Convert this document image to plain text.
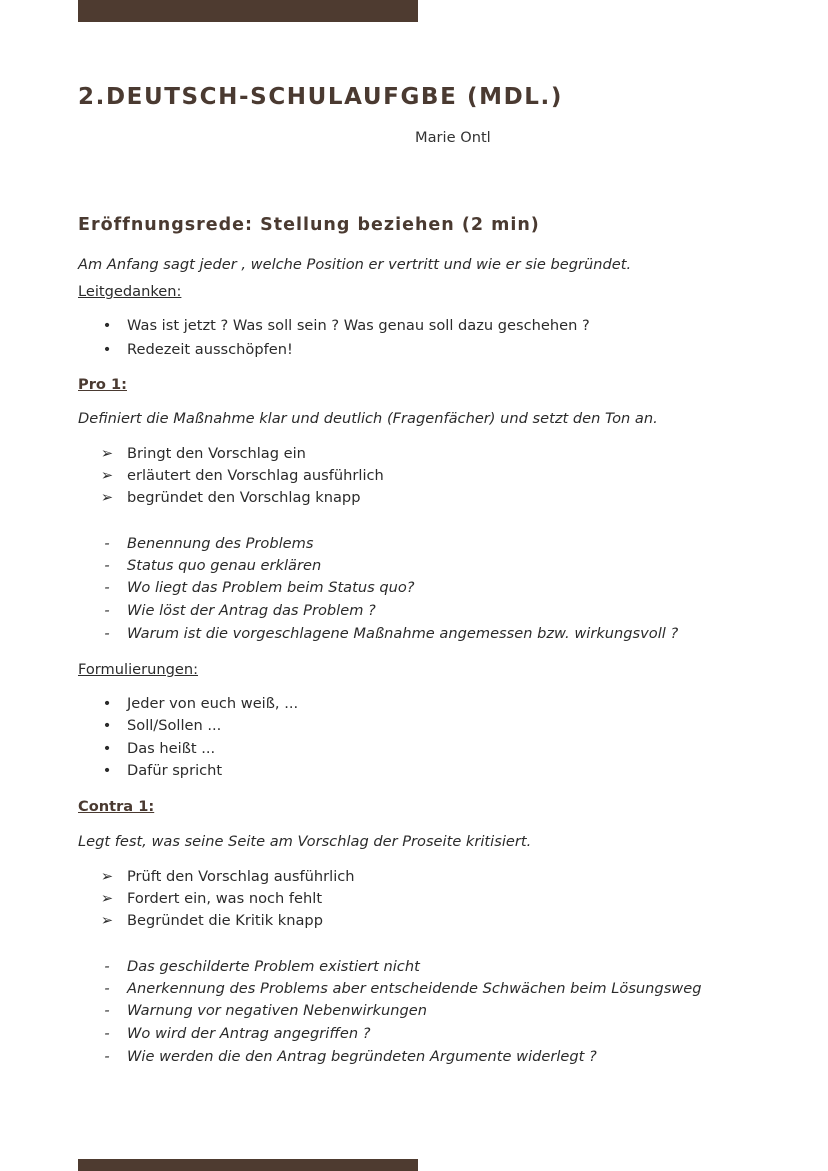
2.DEUTSCH-SCHULAUFGBE (MDL.)
Marie Ontl
Eröffnungsrede: Stellung beziehen (2 min)
Am Anfang sagt jeder , welche Position er vertritt und wie er sie begründet.
Leitgedanken:
• Was ist jetzt ? Was soll sein ? Was genau soll dazu geschehen ?
• Redezeit ausschöpfen!
Pro 1:
Definiert die Maßnahme klar und deutlich (Fragenfächer) und setzt den Ton an.
➢ Bringt den Vorschlag ein
➢ erläutert den Vorschlag ausführlich
➢ begründet den Vorschlag knapp
- Benennung des Problems
- Status quo genau erklären
- Wo liegt das Problem beim Status quo?
- Wie löst der Antrag das Problem ?
- Warum ist die vorgeschlagene Maßnahme angemessen bzw. wirkungsvoll ?
Formulierungen:
• Jeder von euch weiß, ...
• Soll/Sollen ...
• Das heißt ...
• Dafür spricht
Contra 1:
Legt fest, was seine Seite am Vorschlag der Proseite kritisiert.
➢ Prüft den Vorschlag ausführlich
➢ Fordert ein, was noch fehlt
➢ Begründet die Kritik knapp
- Das geschilderte Problem existiert nicht
- Anerkennung des Problems aber entscheidende Schwächen beim Lösungsweg
- Warnung vor negativen Nebenwirkungen
- Wo wird der Antrag angegriffen ?
- Wie werden die den Antrag begründeten Argumente widerlegt ?
